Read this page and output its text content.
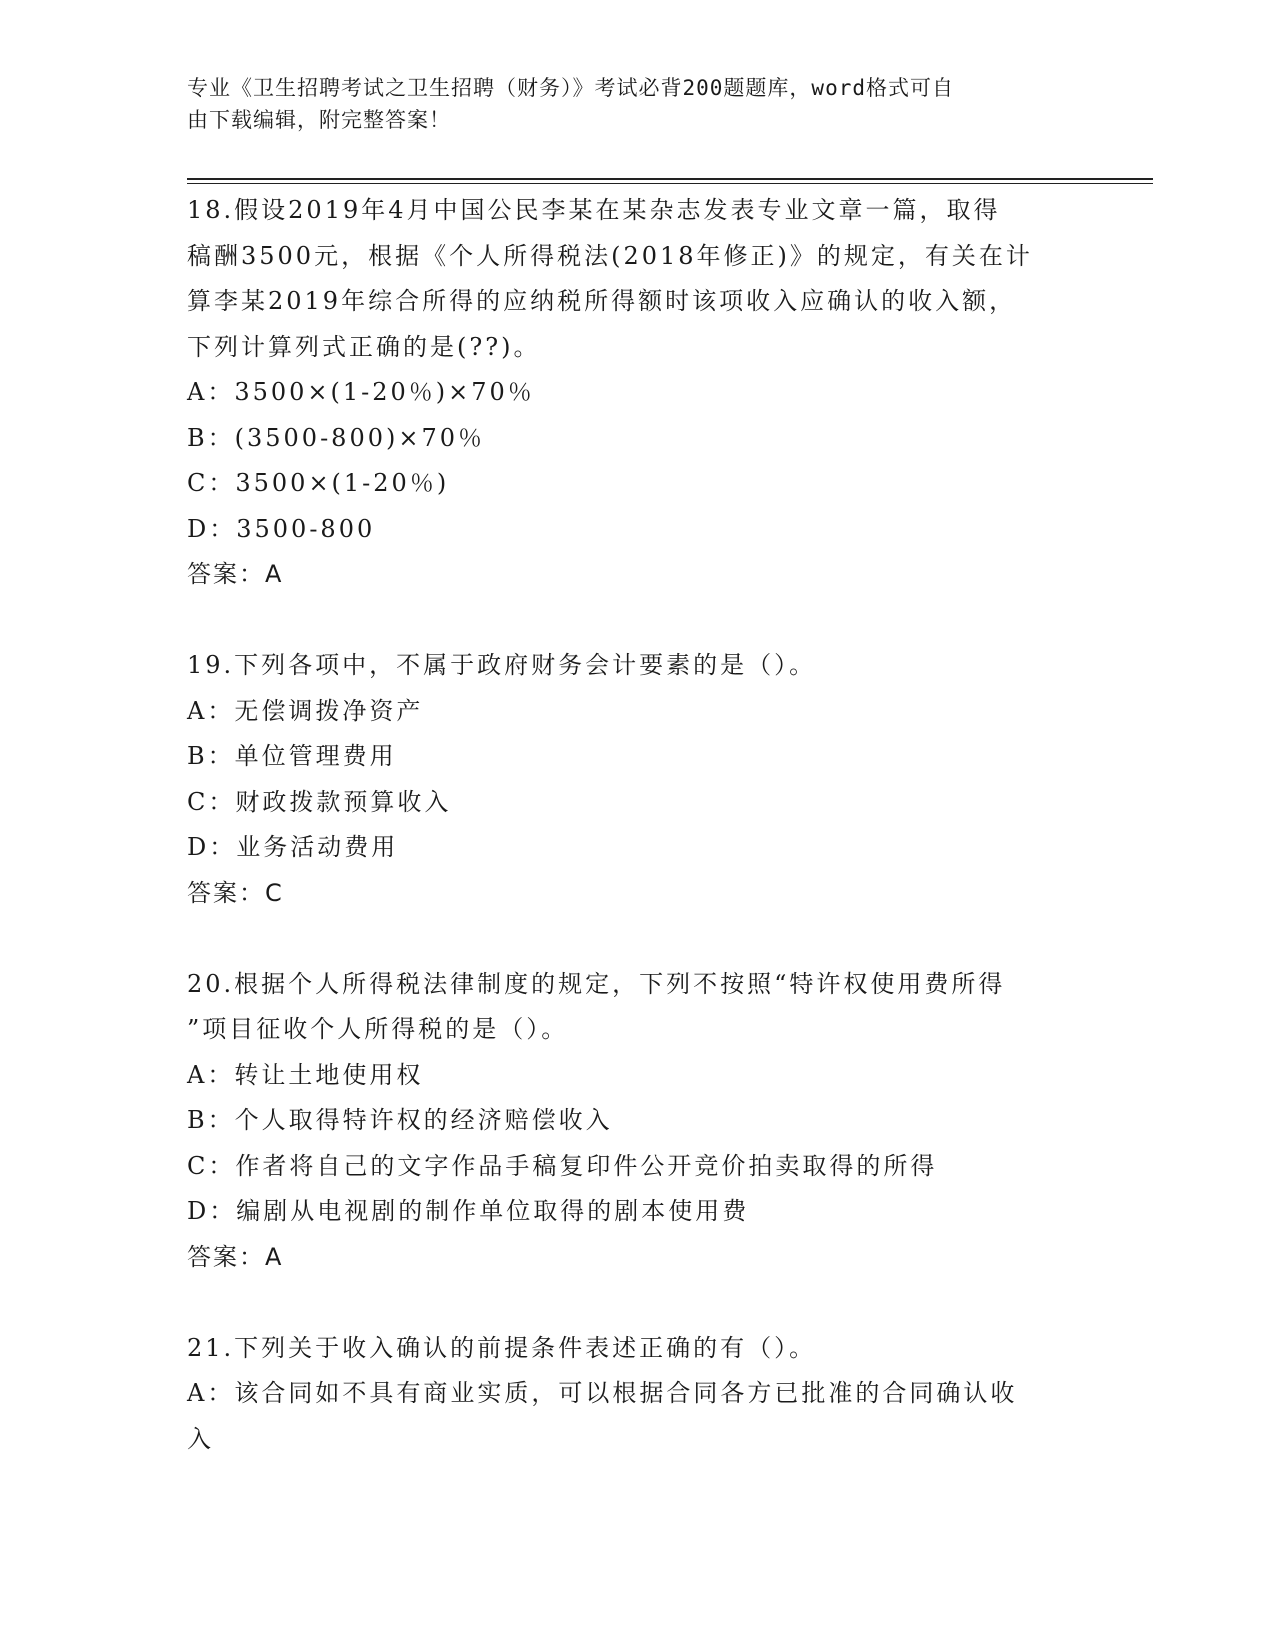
专业《卫生招聘考试之卫生招聘（财务）》考试必背200题题库，word格式可自
由下载编辑，附完整答案！
18.假设2019年4月中国公民李某在某杂志发表专业文章一篇，取得
稿酬3500元，根据《个人所得税法(2018年修正)》的规定，有关在计
算李某2019年综合所得的应纳税所得额时该项收入应确认的收入额，
下列计算列式正确的是(??)。
A：3500×(1-20％)×70％
B：(3500-800)×70％
C：3500×(1-20％)
D：3500-800
答案：A
19.下列各项中，不属于政府财务会计要素的是（）。
A：无偿调拨净资产
B：单位管理费用
C：财政拨款预算收入
D：业务活动费用
答案：C
20.根据个人所得税法律制度的规定，下列不按照“特许权使用费所得
”项目征收个人所得税的是（）。
A：转让土地使用权
B：个人取得特许权的经济赔偿收入
C：作者将自己的文字作品手稿复印件公开竞价拍卖取得的所得
D：编剧从电视剧的制作单位取得的剧本使用费
答案：A
21.下列关于收入确认的前提条件表述正确的有（）。
A：该合同如不具有商业实质，可以根据合同各方已批准的合同确认收
入
